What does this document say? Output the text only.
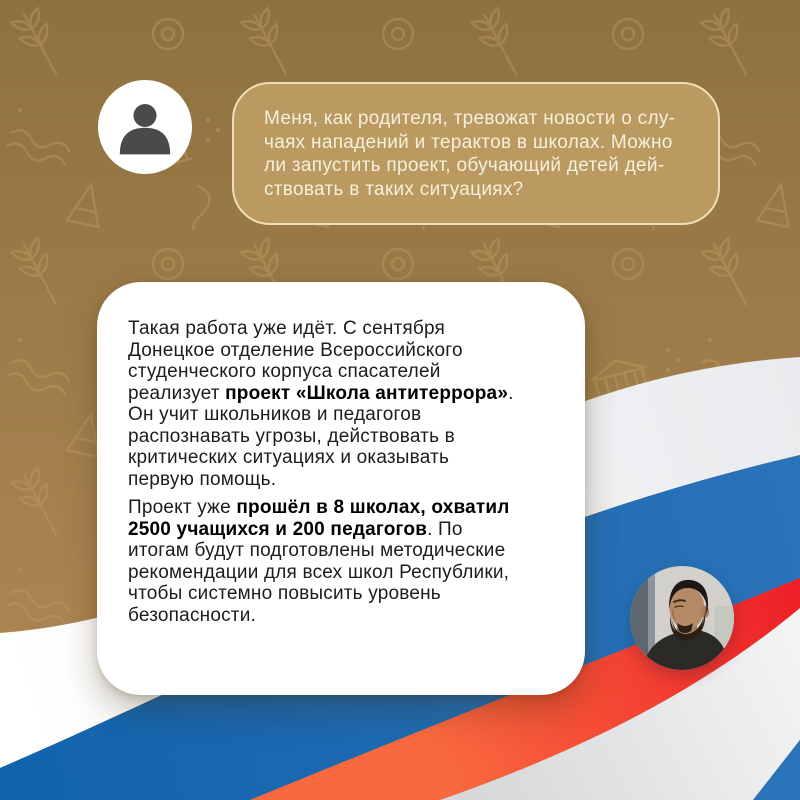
Меня, как родителя, тревожат новости о случаях нападений и терактов в школах. Можно ли запустить проект, обучающий детей действовать в таких ситуациях?

Такая работа уже идёт. С сентября Донецкое отделение Всероссийского студенческого корпуса спасателей реализует проект «Школа антитеррора». Он учит школьников и педагогов распознавать угрозы, действовать в критических ситуациях и оказывать первую помощь.

Проект уже прошёл в 8 школах, охватил 2500 учащихся и 200 педагогов. По итогам будут подготовлены методические рекомендации для всех школ Республики, чтобы системно повысить уровень безопасности.
